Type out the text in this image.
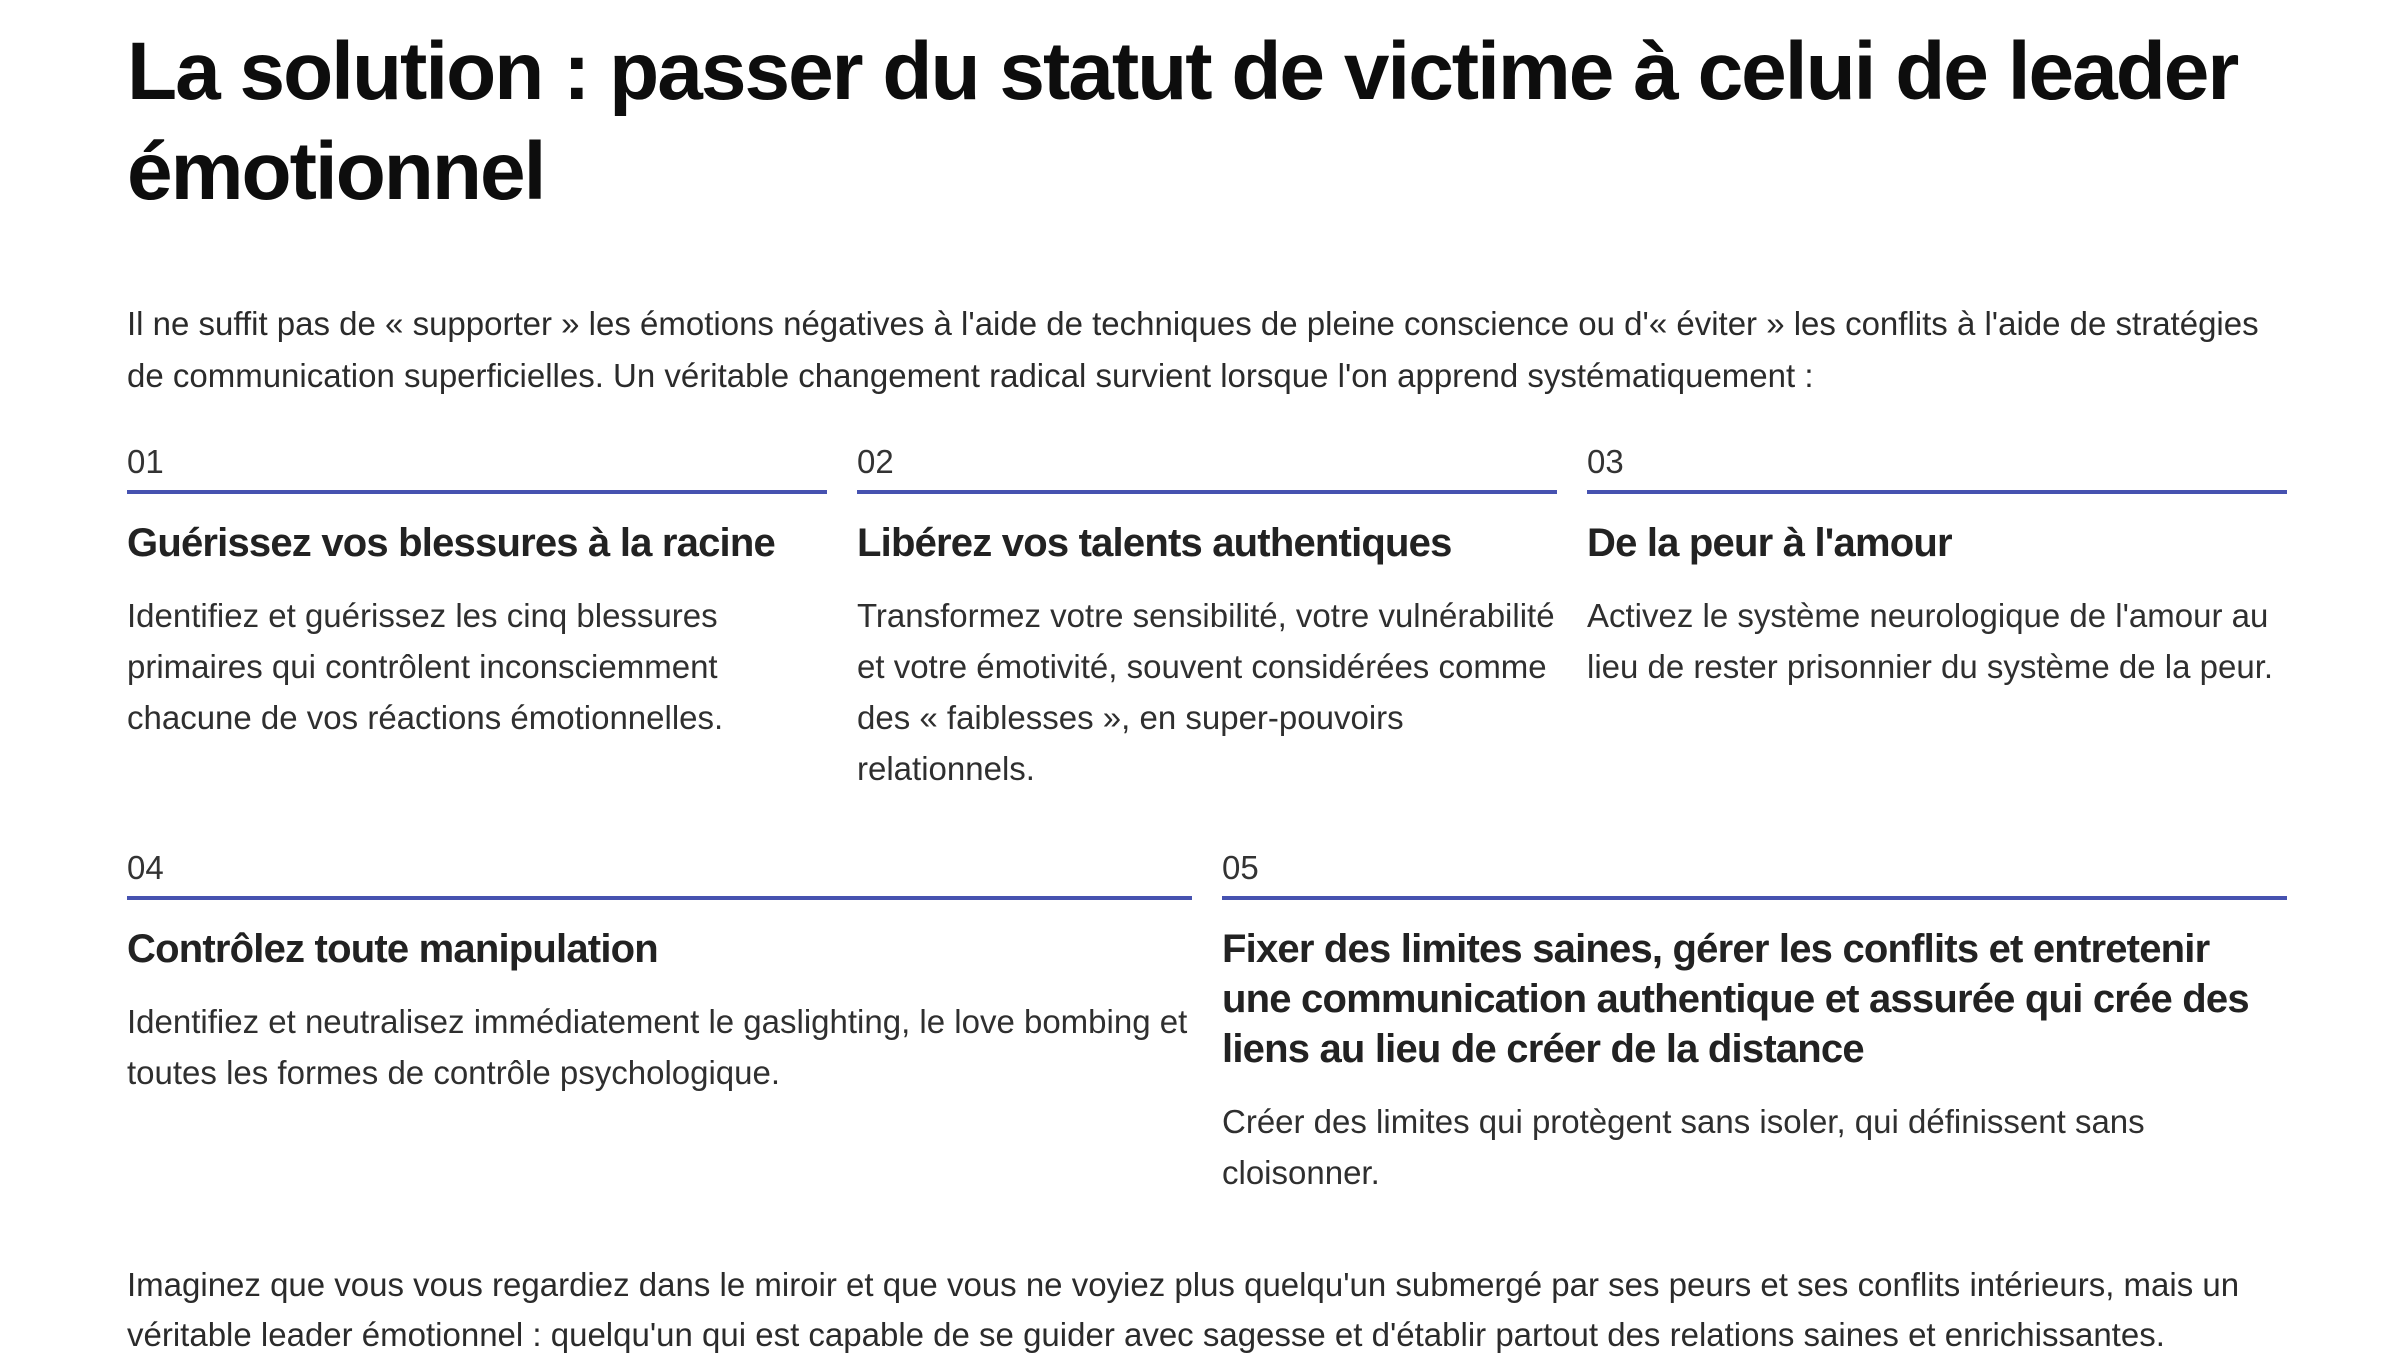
La solution : passer du statut de victime à celui de leader émotionnel

Il ne suffit pas de « supporter » les émotions négatives à l'aide de techniques de pleine conscience ou d'« éviter » les conflits à l'aide de stratégies de communication superficielles. Un véritable changement radical survient lorsque l'on apprend systématiquement :

01
Guérissez vos blessures à la racine

Identifiez et guérissez les cinq blessures primaires qui contrôlent inconsciemment chacune de vos réactions émotionnelles.

02
Libérez vos talents authentiques

Transformez votre sensibilité, votre vulnérabilité et votre émotivité, souvent considérées comme des « faiblesses », en super-pouvoirs relationnels.

03
De la peur à l'amour

Activez le système neurologique de l'amour au lieu de rester prisonnier du système de la peur.

04
Contrôlez toute manipulation

Identifiez et neutralisez immédiatement le gaslighting, le love bombing et toutes les formes de contrôle psychologique.

05
Fixer des limites saines, gérer les conflits et entretenir une communication authentique et assurée qui crée des liens au lieu de créer de la distance

Créer des limites qui protègent sans isoler, qui définissent sans cloisonner.

Imaginez que vous vous regardiez dans le miroir et que vous ne voyiez plus quelqu'un submergé par ses peurs et ses conflits intérieurs, mais un véritable leader émotionnel : quelqu'un qui est capable de se guider avec sagesse et d'établir partout des relations saines et enrichissantes.
